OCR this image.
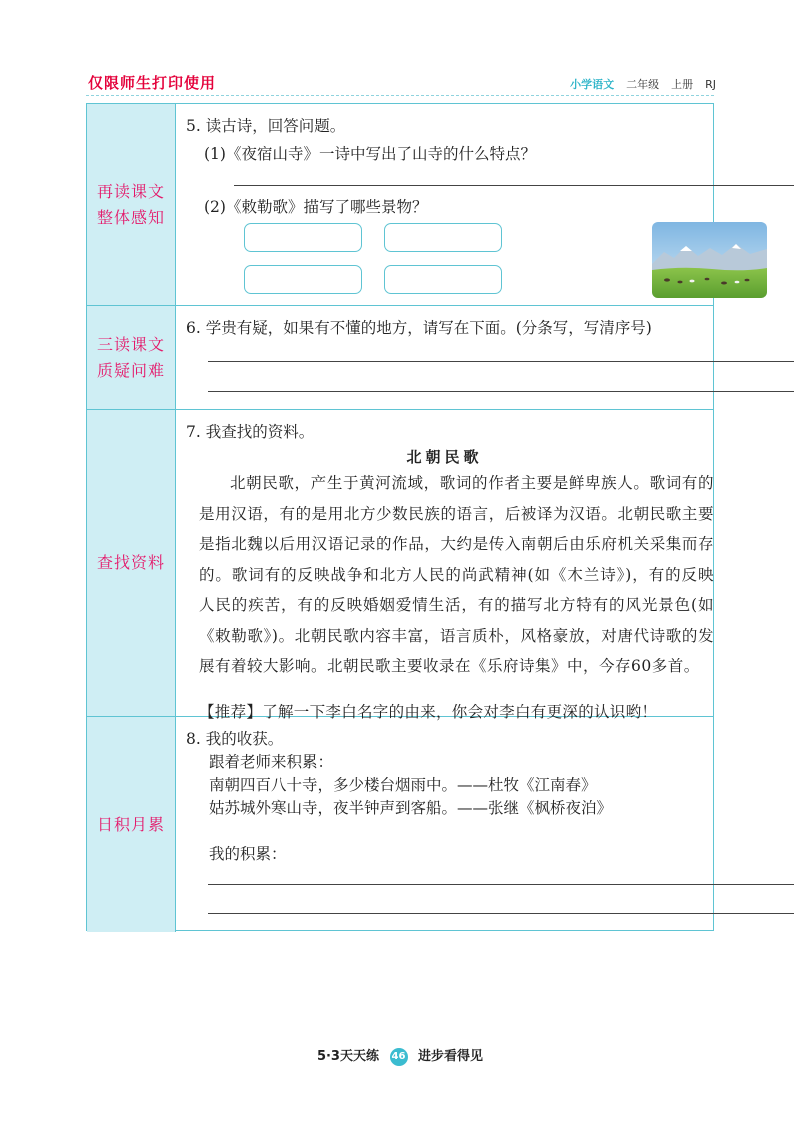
仅限师生打印使用	小学语文 二年级 上册 RJ
再读课文
整体感知
5. 读古诗，回答问题。
(1)《夜宿山寺》一诗中写出了山寺的什么特点？
(2)《敕勒歌》描写了哪些景物？
三读课文
质疑问难
6. 学贵有疑，如果有不懂的地方，请写在下面。(分条写，写清序号)
查找资料
7. 我查找的资料。
北朝民歌
北朝民歌，产生于黄河流域，歌词的作者主要是鲜卑族人。歌词有的是用汉语，有的是用北方少数民族的语言，后被译为汉语。北朝民歌主要是指北魏以后用汉语记录的作品，大约是传入南朝后由乐府机关采集而存的。歌词有的反映战争和北方人民的尚武精神(如《木兰诗》)，有的反映人民的疾苦，有的反映婚姻爱情生活，有的描写北方特有的风光景色(如《敕勒歌》)。北朝民歌内容丰富，语言质朴，风格豪放，对唐代诗歌的发展有着较大影响。北朝民歌主要收录在《乐府诗集》中，今存60多首。
【推荐】了解一下李白名字的由来，你会对李白有更深的认识哟！
日积月累
8. 我的收获。
跟着老师来积累：
南朝四百八十寺，多少楼台烟雨中。——杜牧《江南春》
姑苏城外寒山寺，夜半钟声到客船。——张继《枫桥夜泊》
我的积累：
5·3天天练 46 进步看得见
